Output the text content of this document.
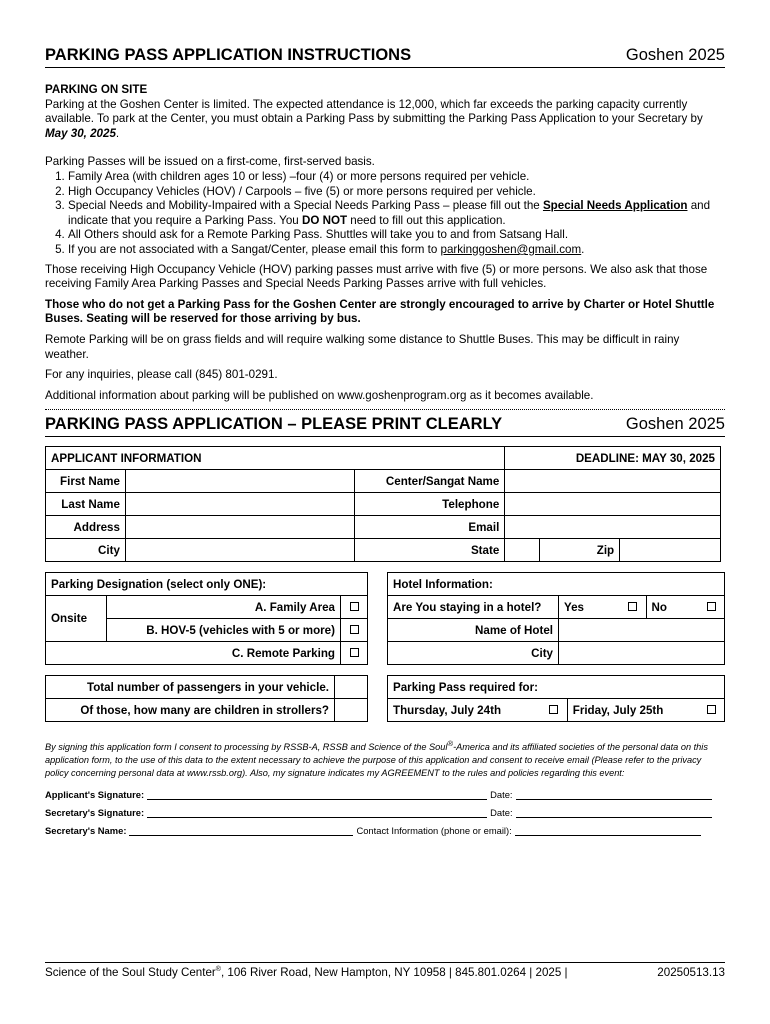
PARKING PASS APPLICATION INSTRUCTIONS	Goshen 2025

PARKING ON SITE

Parking at the Goshen Center is limited. The expected attendance is 12,000, which far exceeds the parking capacity currently available. To park at the Center, you must obtain a Parking Pass by submitting the Parking Pass Application to your Secretary by May 30, 2025.

Parking Passes will be issued on a first-come, first-served basis.

1. Family Area (with children ages 10 or less) –four (4) or more persons required per vehicle.
2. High Occupancy Vehicles (HOV) / Carpools – five (5) or more persons required per vehicle.
3. Special Needs and Mobility-Impaired with a Special Needs Parking Pass – please fill out the Special Needs Application and indicate that you require a Parking Pass. You DO NOT need to fill out this application.
4. All Others should ask for a Remote Parking Pass. Shuttles will take you to and from Satsang Hall.
5. If you are not associated with a Sangat/Center, please email this form to parkinggoshen@gmail.com.

Those receiving High Occupancy Vehicle (HOV) parking passes must arrive with five (5) or more persons. We also ask that those receiving Family Area Parking Passes and Special Needs Parking Passes arrive with full vehicles.

Those who do not get a Parking Pass for the Goshen Center are strongly encouraged to arrive by Charter or Hotel Shuttle Buses. Seating will be reserved for those arriving by bus.

Remote Parking will be on grass fields and will require walking some distance to Shuttle Buses. This may be difficult in rainy weather.

For any inquiries, please call (845) 801-0291.

Additional information about parking will be published on www.goshenprogram.org as it becomes available.

PARKING PASS APPLICATION – PLEASE PRINT CLEARLY	Goshen 2025
APPLICANT INFORMATION			DEADLINE: MAY 30, 2025		
First Name		Center/Sangat Name			
Last Name		Telephone			
Address		Email			
City		State		Zip	
Parking Designation (select only ONE):		
Onsite	A. Family Area	
	B. HOV-5 (vehicles with 5 or more)	
C. Remote Parking		
Hotel Information:				
Are You staying in a hotel?	Yes		No	
Name of Hotel				
City				
Total number of passengers in your vehicle.	
Of those, how many are children in strollers?	
Parking Pass required for:
Thursday, July 24th		Friday, July 25th	

By signing this application form I consent to processing by RSSB-A, RSSB and Science of the Soul®-America and its affiliated societies of the personal data on this application form, to the use of this data to the extent necessary to achieve the purpose of this application and consent to receive email (Please refer to the privacy policy concerning personal data at www.rssb.org). Also, my signature indicates my AGREEMENT to the rules and policies regarding this event:

Applicant's Signature:	Date:
Secretary's Signature:	Date:
Secretary's Name:	Contact Information (phone or email):
Science of the Soul Study Center®, 106 River Road, New Hampton, NY 10958 | 845.801.0264 | 2025 |	20250513.13
